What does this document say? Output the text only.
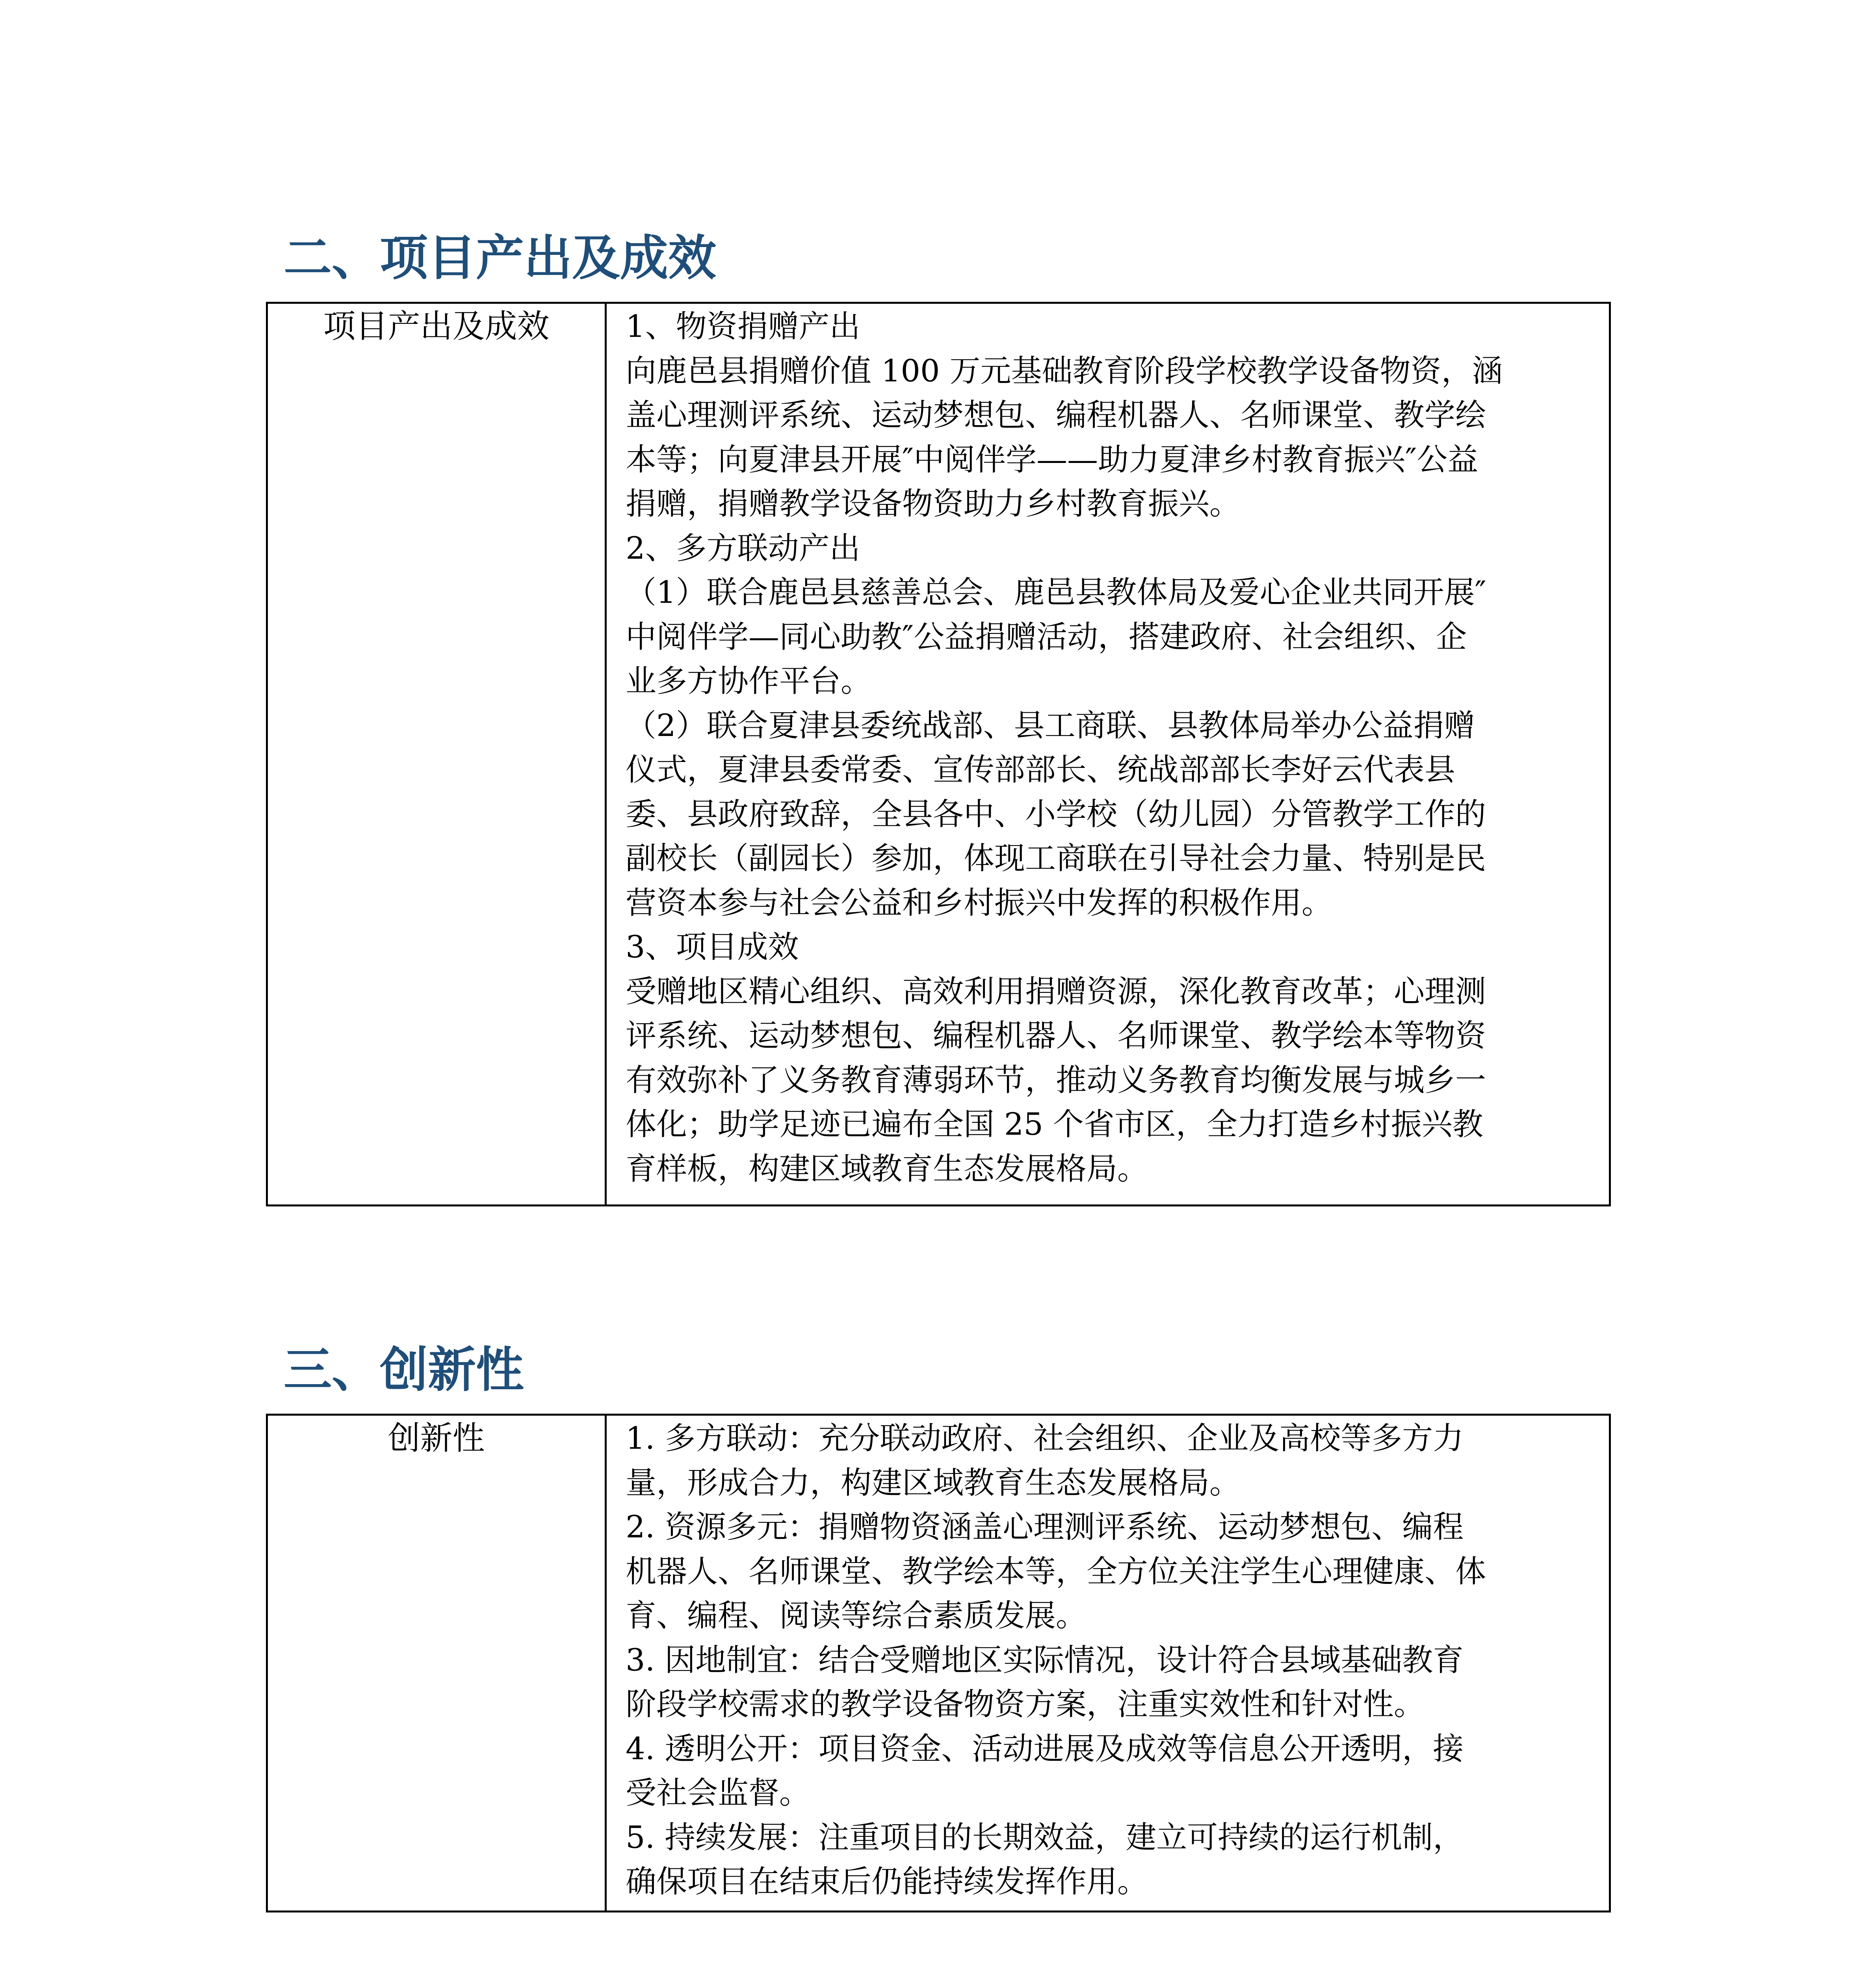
二、项目产出及成效
项目产出及成效	1、物资捐赠产出

向鹿邑县捐赠价值 100 万元基础教育阶段学校教学设备物资，涵

盖心理测评系统、运动梦想包、编程机器人、名师课堂、教学绘

本等；向夏津县开展″中阅伴学——助力夏津乡村教育振兴″公益

捐赠，捐赠教学设备物资助力乡村教育振兴。

2、多方联动产出

（1）联合鹿邑县慈善总会、鹿邑县教体局及爱心企业共同开展″

中阅伴学—同心助教″公益捐赠活动，搭建政府、社会组织、企

业多方协作平台。

（2）联合夏津县委统战部、县工商联、县教体局举办公益捐赠

仪式，夏津县委常委、宣传部部长、统战部部长李好云代表县

委、县政府致辞，全县各中、小学校（幼儿园）分管教学工作的

副校长（副园长）参加，体现工商联在引导社会力量、特别是民

营资本参与社会公益和乡村振兴中发挥的积极作用。

3、项目成效

受赠地区精心组织、高效利用捐赠资源，深化教育改革；心理测

评系统、运动梦想包、编程机器人、名师课堂、教学绘本等物资

有效弥补了义务教育薄弱环节，推动义务教育均衡发展与城乡一

体化；助学足迹已遍布全国 25 个省市区，全力打造乡村振兴教

育样板，构建区域教育生态发展格局。

三、创新性
创新性	1. 多方联动：充分联动政府、社会组织、企业及高校等多方力

量，形成合力，构建区域教育生态发展格局。

2. 资源多元：捐赠物资涵盖心理测评系统、运动梦想包、编程

机器人、名师课堂、教学绘本等，全方位关注学生心理健康、体

育、编程、阅读等综合素质发展。

3. 因地制宜：结合受赠地区实际情况，设计符合县域基础教育

阶段学校需求的教学设备物资方案，注重实效性和针对性。

4. 透明公开：项目资金、活动进展及成效等信息公开透明，接

受社会监督。

5. 持续发展：注重项目的长期效益，建立可持续的运行机制，

确保项目在结束后仍能持续发挥作用。
